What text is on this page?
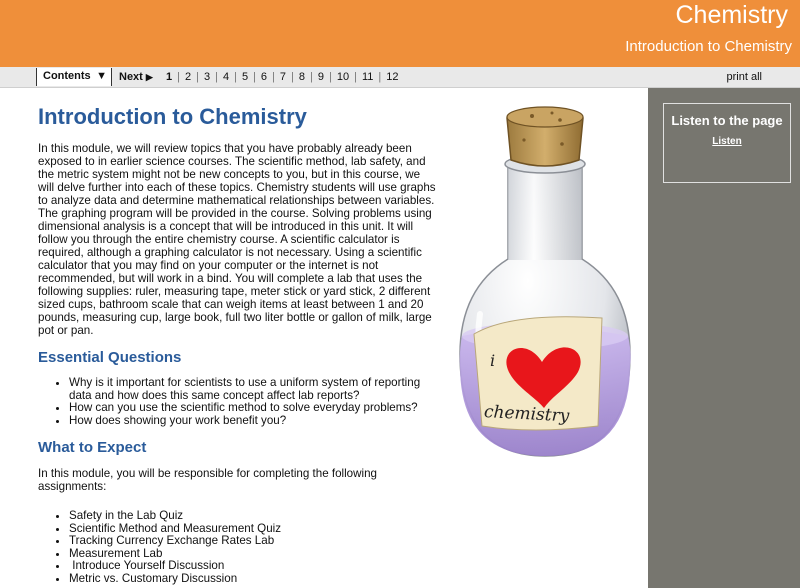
Chemistry
Introduction to Chemistry
Contents ▼ Next ▶	1 | 2 | 3 | 4 | 5 | 6 | 7 | 8 | 9 | 10 | 11 | 12	print all
Introduction to Chemistry

In this module, we will review topics that you have probably already been exposed to in earlier science courses. The scientific method, lab safety, and the metric system might not be new concepts to you, but in this course, we will delve further into each of these topics. Chemistry students will use graphs to analyze data and determine mathematical relationships between variables. The graphing program will be provided in the course. Solving problems using dimensional analysis is a concept that will be introduced in this unit. It will follow you through the entire chemistry course. A scientific calculator is required, although a graphing calculator is not necessary. Using a scientific calculator that you may find on your computer or the internet is not recommended, but will work in a bind. You will complete a lab that uses the following supplies: ruler, measuring tape, meter stick or yard stick, 2 different sized cups, bathroom scale that can weigh items at least between 1 and 20 pounds, measuring cup, large book, full two liter bottle or gallon of milk, large pot or pan.

Essential Questions
• Why is it important for scientists to use a uniform system of reporting data and how does this same concept affect lab reports?
• How can you use the scientific method to solve everyday problems?
• How does showing your work benefit you?
What to Expect

In this module, you will be responsible for completing the following assignments:

• Safety in the Lab Quiz
• Scientific Method and Measurement Quiz
• Tracking Currency Exchange Rates Lab
• Measurement Lab
•  Introduce Yourself Discussion
• Metric vs. Customary Discussion
i
chemistry
Listen to the page
Listen
